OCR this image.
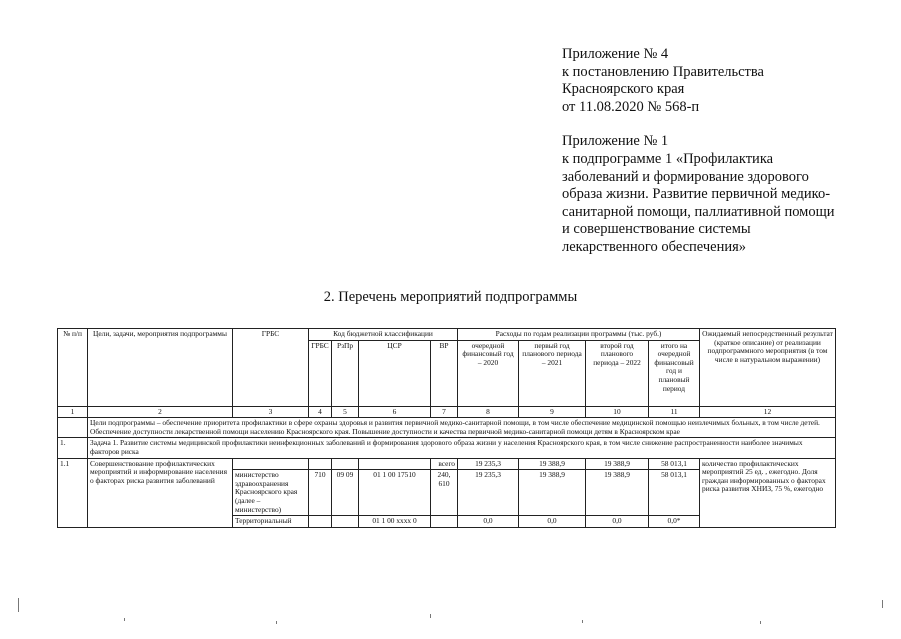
Приложение № 4
к постановлению Правительства
Красноярского края
от 11.08.2020 № 568-п
Приложение № 1
к подпрограмме 1 «Профилактика
заболеваний и формирование здорового
образа жизни. Развитие первичной медико-
санитарной помощи, паллиативной помощи
и совершенствование системы
лекарственного обеспечения»
2. Перечень мероприятий подпрограммы
№ п/п	Цели, задачи, мероприятия подпрограммы	ГРБС	Код бюджетной классификации				Расходы по годам реализации программы (тыс. руб.)				Ожидаемый непосредственный результат (краткое описание) от реализации подпрограммного мероприятия (в том числе в натуральном выражении)
			ГРБС	РзПр	ЦСР	ВР	очередной финансовый год – 2020	первый год планового периода – 2021	второй год планового периода – 2022	итого на очередной финансовый год и плановый период	
1	2	3	4	5	6	7	8	9	10	11	12
	Цели подпрограммы – обеспечение приоритета профилактики в сфере охраны здоровья и развития первичной медико-санитарной помощи, в том числе обеспечение медицинской помощью неизлечимых больных, в том числе детей. Обеспечение доступности лекарственной помощи населению Красноярского края. Повышение доступности и качества первичной медико-санитарной помощи детям в Красноярском крае										
1.	Задача 1. Развитие системы медицинской профилактики неинфекционных заболеваний и формирования здорового образа жизни у населения Красноярского края, в том числе снижение распространенности наиболее значимых факторов риска										
1.1	Совершенствование профилактических мероприятий и информирование населения о факторах риска развития заболеваний					всего	19 235,3	19 388,9	19 388,9	58 013,1	количество профилактических мероприятий 25 ед. , ежегодно. Доля граждан информированных о факторах риска развития ХНИЗ, 75 %, ежегодно
		министерство здравоохранения Красноярского края (далее – министерство)	710	09 09	01 1 00 17510	240, 610	19 235,3	19 388,9	19 388,9	58 013,1	
		Территориальный			01 1 00 хххх 0		0,0	0,0	0,0	0,0*	
